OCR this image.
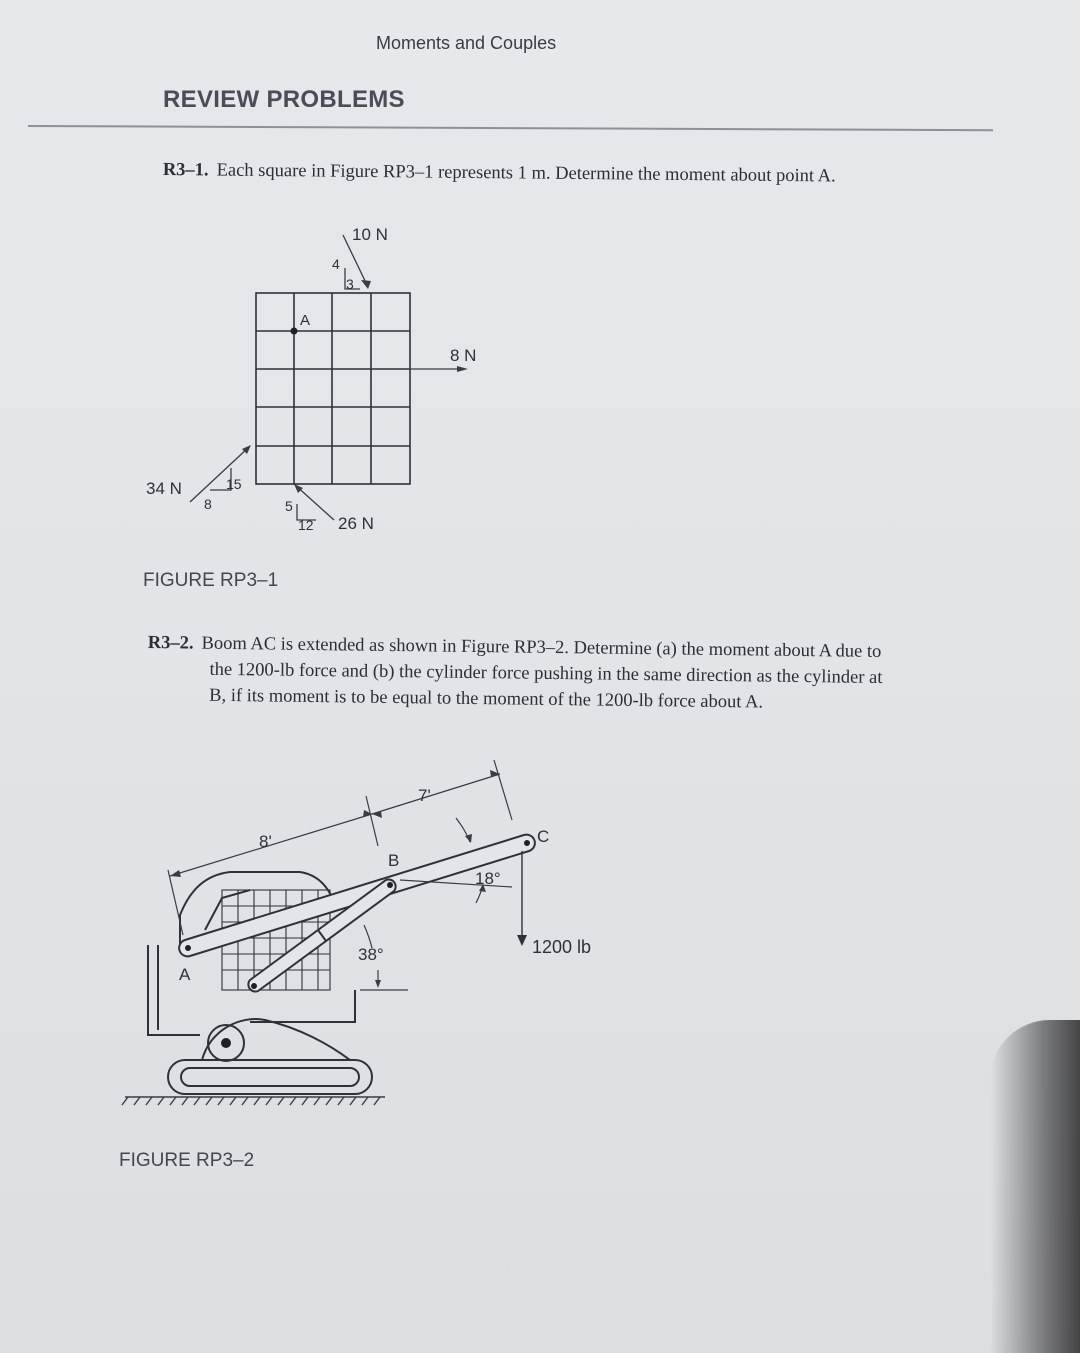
Moments and Couples
REVIEW PROBLEMS
R3–1. Each square in Figure RP3–1 represents 1 m. Determine the moment about point A.
A
10 N
4
3
8 N
34 N	15
8
26 N
5
12
FIGURE RP3–1
R3–2. Boom AC is extended as shown in Figure RP3–2. Determine (a) the moment about A due to
the 1200-lb force and (b) the cylinder force pushing in the same direction as the cylinder at
B, if its moment is to be equal to the moment of the 1200-lb force about A.
8'
7'
A
B
C
18°
38°	1200 lb
FIGURE RP3–2
